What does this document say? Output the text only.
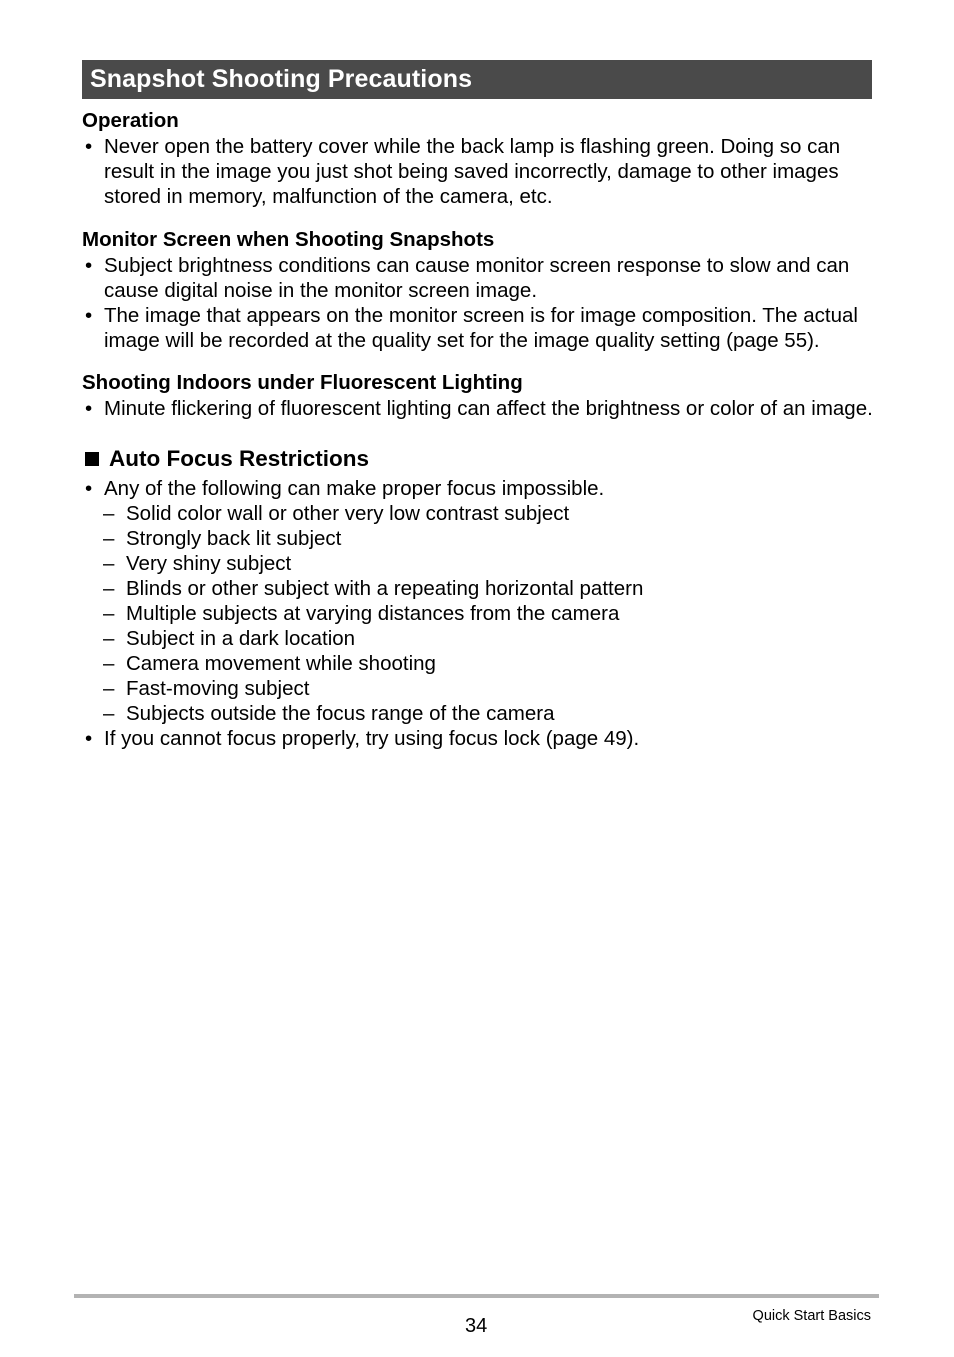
Snapshot Shooting Precautions
Operation
• Never open the battery cover while the back lamp is flashing green. Doing so can result in the image you just shot being saved incorrectly, damage to other images stored in memory, malfunction of the camera, etc.
Monitor Screen when Shooting Snapshots
• Subject brightness conditions can cause monitor screen response to slow and can cause digital noise in the monitor screen image.
• The image that appears on the monitor screen is for image composition. The actual image will be recorded at the quality set for the image quality setting (page 55).
Shooting Indoors under Fluorescent Lighting
• Minute flickering of fluorescent lighting can affect the brightness or color of an image.
Auto Focus Restrictions
• Any of the following can make proper focus impossible.
– Solid color wall or other very low contrast subject
– Strongly back lit subject
– Very shiny subject
– Blinds or other subject with a repeating horizontal pattern
– Multiple subjects at varying distances from the camera
– Subject in a dark location
– Camera movement while shooting
– Fast-moving subject
– Subjects outside the focus range of the camera
• If you cannot focus properly, try using focus lock (page 49).
34	Quick Start Basics
